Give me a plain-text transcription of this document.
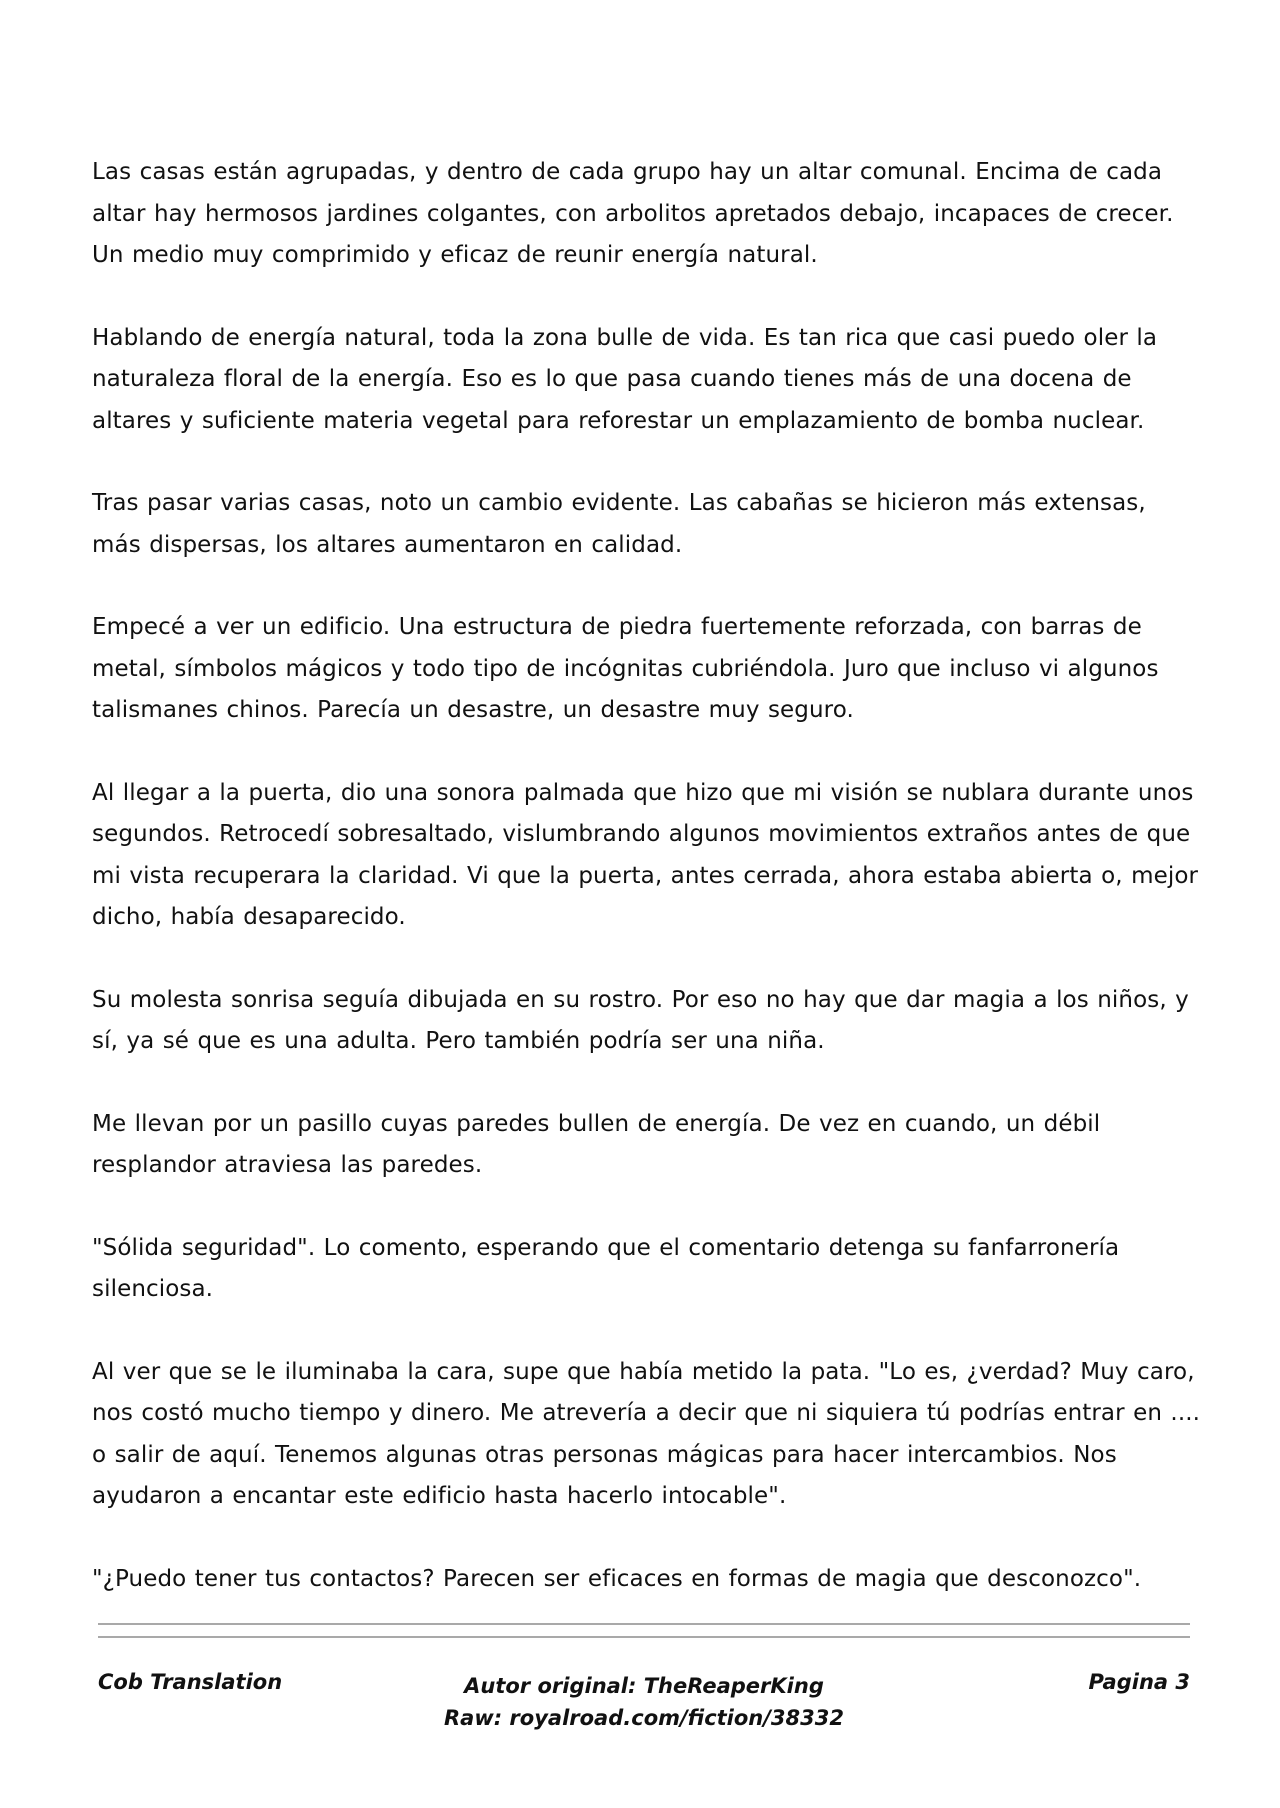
Las casas están agrupadas, y dentro de cada grupo hay un altar comunal. Encima de cada altar hay hermosos jardines colgantes, con arbolitos apretados debajo, incapaces de crecer. Un medio muy comprimido y eficaz de reunir energía natural.

Hablando de energía natural, toda la zona bulle de vida. Es tan rica que casi puedo oler la naturaleza floral de la energía. Eso es lo que pasa cuando tienes más de una docena de altares y suficiente materia vegetal para reforestar un emplazamiento de bomba nuclear.

Tras pasar varias casas, noto un cambio evidente. Las cabañas se hicieron más extensas, más dispersas, los altares aumentaron en calidad.

Empecé a ver un edificio. Una estructura de piedra fuertemente reforzada, con barras de metal, símbolos mágicos y todo tipo de incógnitas cubriéndola. Juro que incluso vi algunos talismanes chinos. Parecía un desastre, un desastre muy seguro.

Al llegar a la puerta, dio una sonora palmada que hizo que mi visión se nublara durante unos segundos. Retrocedí sobresaltado, vislumbrando algunos movimientos extraños antes de que mi vista recuperara la claridad. Vi que la puerta, antes cerrada, ahora estaba abierta o, mejor dicho, había desaparecido.

Su molesta sonrisa seguía dibujada en su rostro. Por eso no hay que dar magia a los niños, y sí, ya sé que es una adulta. Pero también podría ser una niña.

Me llevan por un pasillo cuyas paredes bullen de energía. De vez en cuando, un débil resplandor atraviesa las paredes.

"Sólida seguridad". Lo comento, esperando que el comentario detenga su fanfarronería silenciosa.

Al ver que se le iluminaba la cara, supe que había metido la pata. "Lo es, ¿verdad? Muy caro, nos costó mucho tiempo y dinero. Me atrevería a decir que ni siquiera tú podrías entrar en .... o salir de aquí. Tenemos algunas otras personas mágicas para hacer intercambios. Nos ayudaron a encantar este edificio hasta hacerlo intocable".

"¿Puedo tener tus contactos? Parecen ser eficaces en formas de magia que desconozco".

Cob Translation	Autor original: TheReaperKing
Raw: royalroad.com/fiction/38332
Pagina 3
